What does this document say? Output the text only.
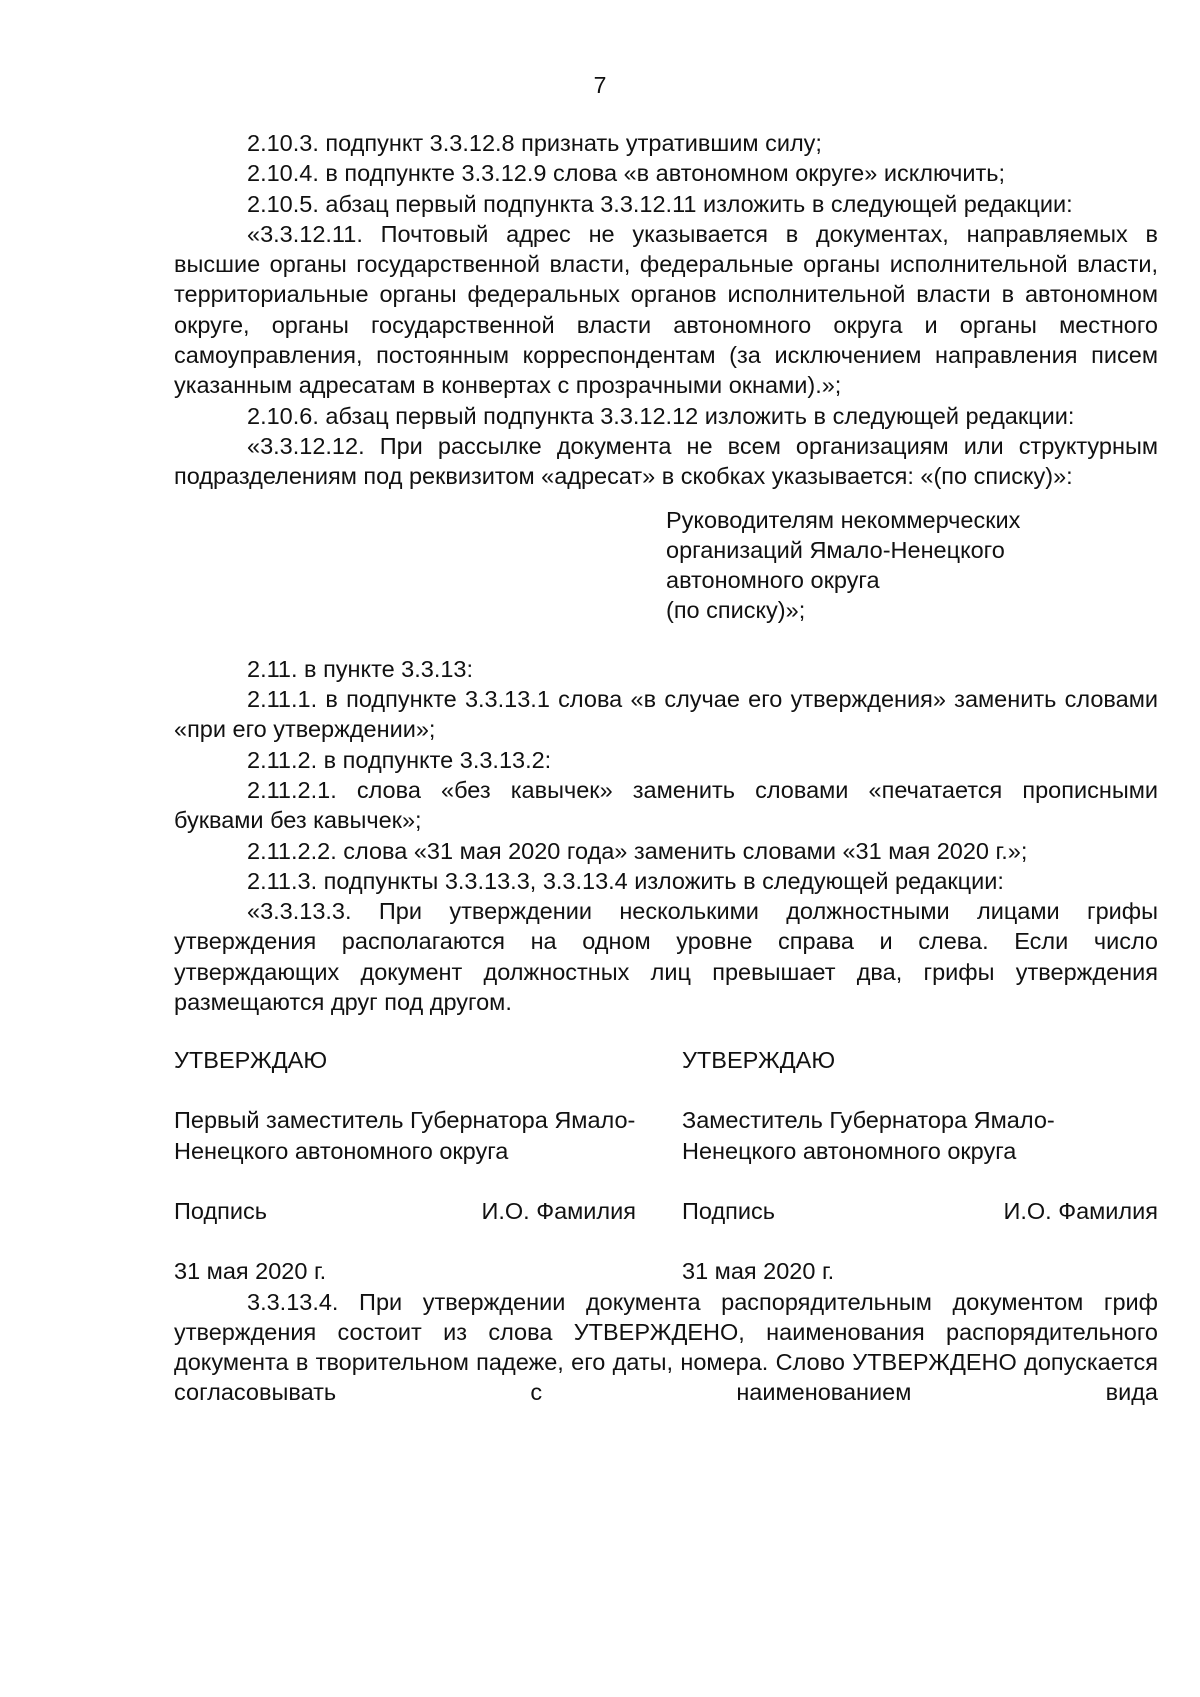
7

2.10.3. подпункт 3.3.12.8 признать утратившим силу;

2.10.4. в подпункте 3.3.12.9 слова «в автономном округе» исключить;

2.10.5. абзац первый подпункта 3.3.12.11 изложить в следующей редакции:

«3.3.12.11. Почтовый адрес не указывается в документах, направляемых в высшие органы государственной власти, федеральные органы исполнительной власти, территориальные органы федеральных органов исполнительной власти в автономном округе, органы государственной власти автономного округа и органы местного самоуправления, постоянным корреспондентам (за исключением направления писем указанным адресатам в конвертах с прозрачными окнами).»;

2.10.6. абзац первый подпункта 3.3.12.12 изложить в следующей редакции:

«3.3.12.12. При рассылке документа не всем организациям или структурным подразделениям под реквизитом «адресат» в скобках указывается: «(по списку)»:

Руководителям некоммерческих
организаций Ямало-Ненецкого
автономного округа
(по списку)»;

2.11. в пункте 3.3.13:

2.11.1. в подпункте 3.3.13.1 слова «в случае его утверждения» заменить словами «при его утверждении»;

2.11.2. в подпункте 3.3.13.2:

2.11.2.1. слова «без кавычек» заменить словами «печатается прописными буквами без кавычек»;

2.11.2.2. слова «31 мая 2020 года» заменить словами «31 мая 2020 г.»;

2.11.3. подпункты 3.3.13.3, 3.3.13.4 изложить в следующей редакции:

«3.3.13.3. При утверждении несколькими должностными лицами грифы утверждения располагаются на одном уровне справа и слева. Если число утверждающих документ должностных лиц превышает два, грифы утверждения размещаются друг под другом.

УТВЕРЖДАЮ
Первый заместитель Губернатора Ямало-Ненецкого автономного округа
Подпись	И.О. Фамилия
31 мая 2020 г.
УТВЕРЖДАЮ
Заместитель Губернатора Ямало-Ненецкого автономного округа
Подпись	И.О. Фамилия
31 мая 2020 г.

3.3.13.4. При утверждении документа распорядительным документом гриф утверждения состоит из слова УТВЕРЖДЕНО, наименования распорядительного документа в творительном падеже, его даты, номера. Слово УТВЕРЖДЕНО допускается согласовывать с наименованием вида
